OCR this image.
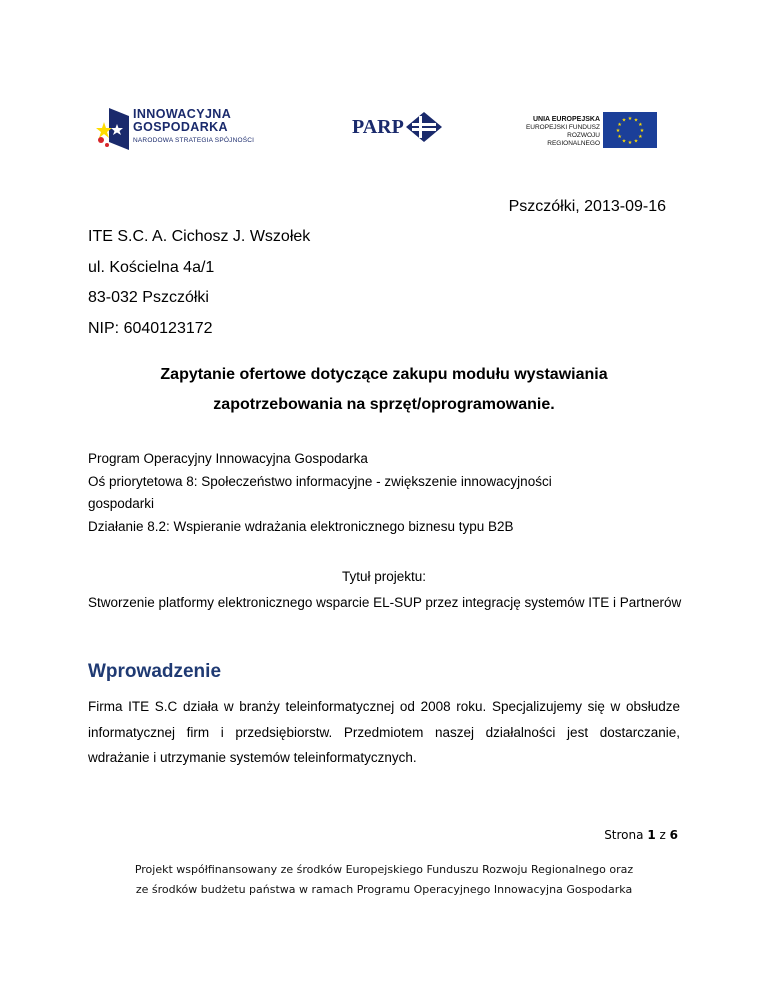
INNOWACYJNA
GOSPODARKA
NARODOWA STRATEGIA SPÓJNOŚCI
PARP	UNIA EUROPEJSKA
EUROPEJSKI FUNDUSZ
ROZWOJU REGIONALNEGO
★ ★
★
★
★
★
★
★
★
★
★
★
Pszczółki, 2013-09-16
ITE S.C. A. Cichosz J. Wszołek
ul. Kościelna 4a/1
83-032 Pszczółki
NIP: 6040123172
Zapytanie ofertowe dotyczące zakupu modułu wystawiania
zapotrzebowania na sprzęt/oprogramowanie.
Program Operacyjny Innowacyjna Gospodarka
Oś priorytetowa 8: Społeczeństwo informacyjne - zwiększenie innowacyjności
gospodarki
Działanie 8.2: Wspieranie wdrażania elektronicznego biznesu typu B2B
Tytuł projektu:
Stworzenie platformy elektronicznego wsparcie EL-SUP przez integrację systemów ITE i Partnerów
Wprowadzenie
Firma ITE S.C działa w branży teleinformatycznej od 2008 roku. Specjalizujemy się w obsłudze informatycznej firm i przedsiębiorstw. Przedmiotem naszej działalności jest dostarczanie, wdrażanie i utrzymanie systemów teleinformatycznych.
Strona 1 z 6
Projekt współfinansowany ze środków Europejskiego Funduszu Rozwoju Regionalnego oraz
ze środków budżetu państwa w ramach Programu Operacyjnego Innowacyjna Gospodarka
